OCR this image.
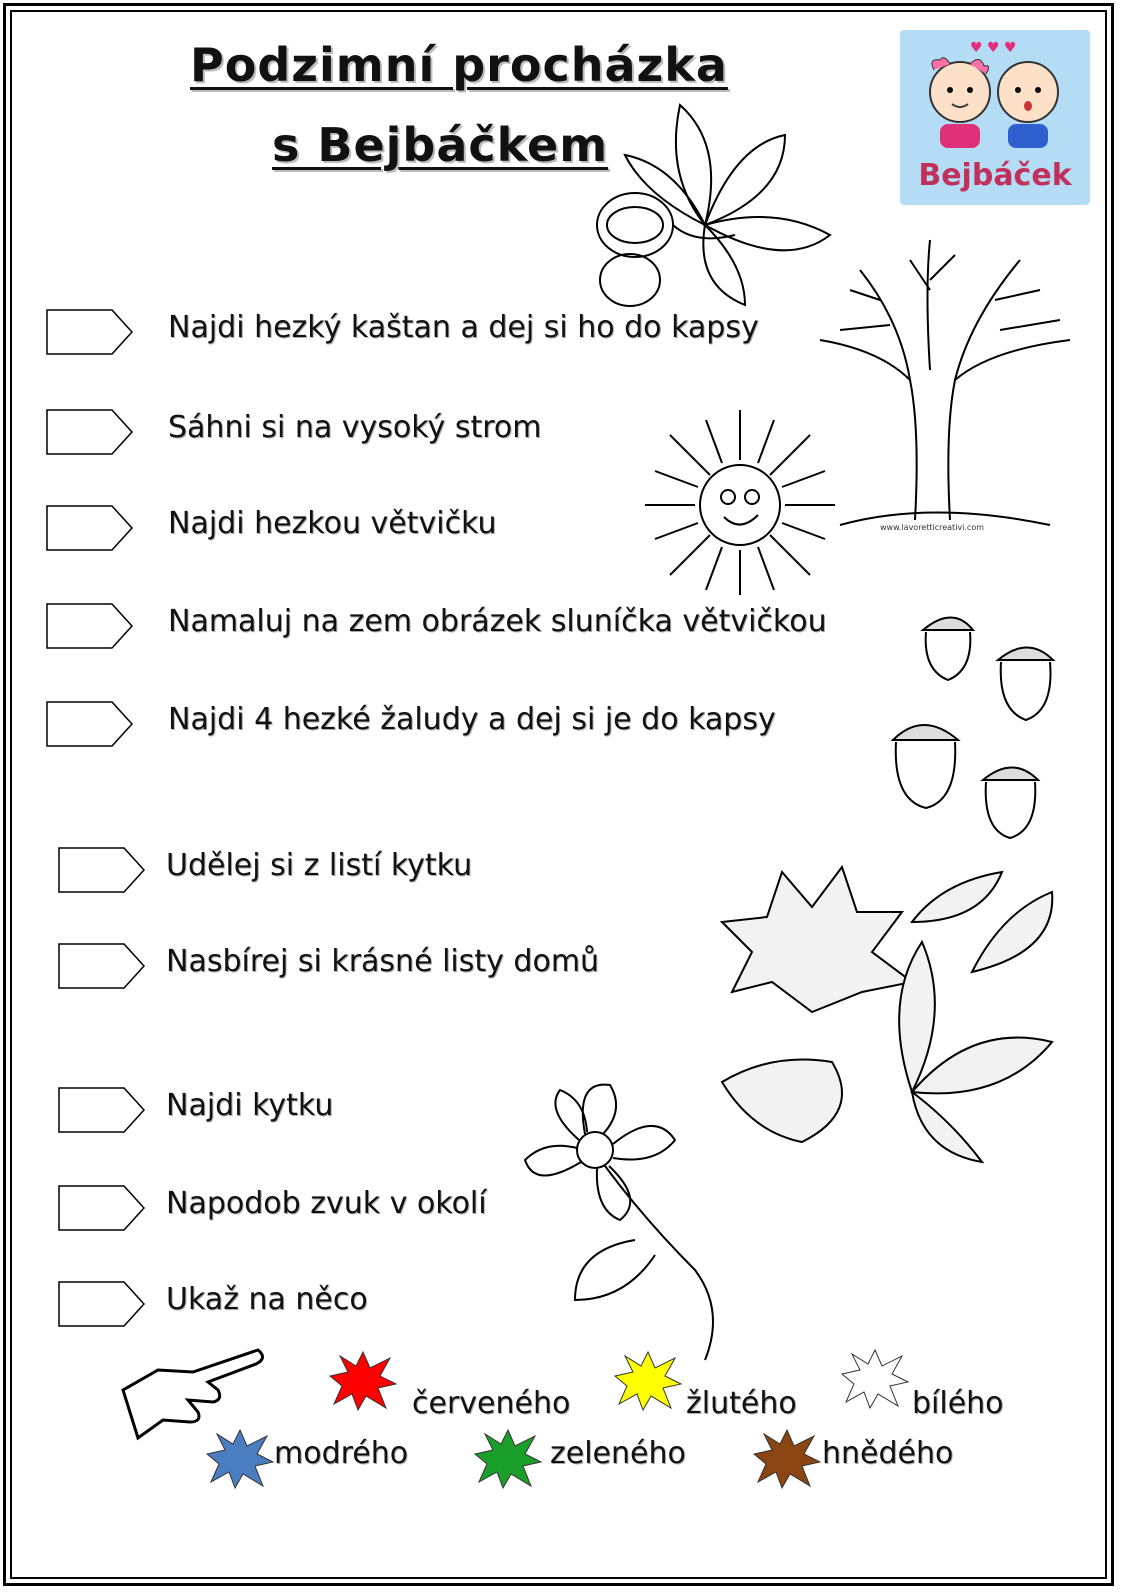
Podzimní procházka
s Bejbáčkem
♥ ♥ ♥
Bejbáček
Najdi hezký kaštan a dej si ho do kapsy
Sáhni si na vysoký strom
Najdi hezkou větvičku
Namaluj na zem obrázek sluníčka větvičkou
Najdi 4 hezké žaludy a dej si je do kapsy
Udělej si z listí kytku
Nasbírej si krásné listy domů
Najdi kytku
Napodob zvuk v okolí
Ukaž na něco
www.lavoretticreativi.com
červeného	žlutého	bílého
modrého	zeleného	hnědého
